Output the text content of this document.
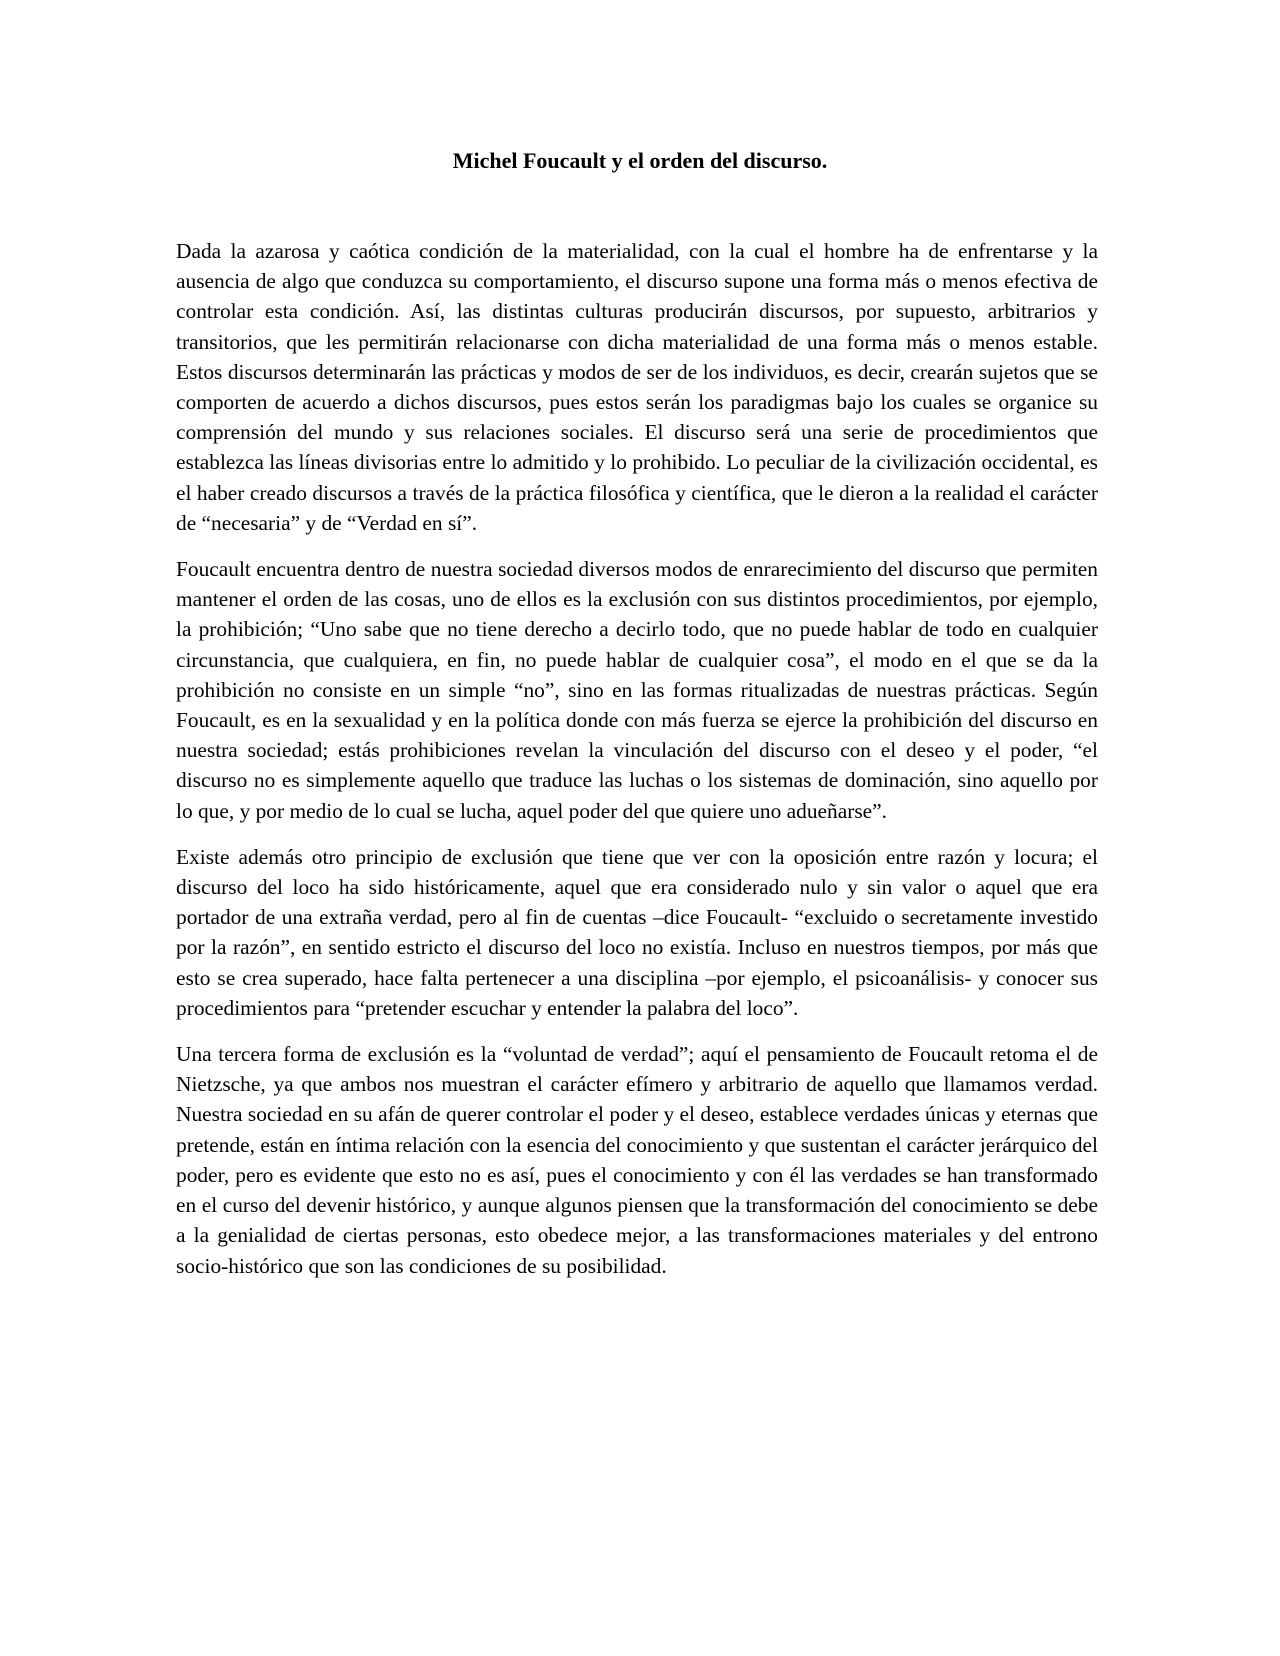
Michel Foucault y el orden del discurso.

Dada la azarosa y caótica condición de la materialidad, con la cual el hombre ha de enfrentarse y la ausencia de algo que conduzca su comportamiento, el discurso supone una forma más o menos efectiva de controlar esta condición. Así, las distintas culturas producirán discursos, por supuesto, arbitrarios y transitorios, que les permitirán relacionarse con dicha materialidad de una forma más o menos estable. Estos discursos determinarán las prácticas y modos de ser de los individuos, es decir, crearán sujetos que se comporten de acuerdo a dichos discursos, pues estos serán los paradigmas bajo los cuales se organice su comprensión del mundo y sus relaciones sociales. El discurso será una serie de procedimientos que establezca las líneas divisorias entre lo admitido y lo prohibido. Lo peculiar de la civilización occidental, es el haber creado discursos a través de la práctica filosófica y científica, que le dieron a la realidad el carácter de “necesaria” y de “Verdad en sí”.

Foucault encuentra dentro de nuestra sociedad diversos modos de enrarecimiento del discurso que permiten mantener el orden de las cosas, uno de ellos es la exclusión con sus distintos procedimientos, por ejemplo, la prohibición; “Uno sabe que no tiene derecho a decirlo todo, que no puede hablar de todo en cualquier circunstancia, que cualquiera, en fin, no puede hablar de cualquier cosa”, el modo en el que se da la prohibición no consiste en un simple “no”, sino en las formas ritualizadas de nuestras prácticas. Según Foucault, es en la sexualidad y en la política donde con más fuerza se ejerce la prohibición del discurso en nuestra sociedad; estás prohibiciones revelan la vinculación del discurso con el deseo y el poder, “el discurso no es simplemente aquello que traduce las luchas o los sistemas de dominación, sino aquello por lo que, y por medio de lo cual se lucha, aquel poder del que quiere uno adueñarse”.

Existe además otro principio de exclusión que tiene que ver con la oposición entre razón y locura; el discurso del loco ha sido históricamente, aquel que era considerado nulo y sin valor o aquel que era portador de una extraña verdad, pero al fin de cuentas –dice Foucault- “excluido o secretamente investido por la razón”, en sentido estricto el discurso del loco no existía. Incluso en nuestros tiempos, por más que esto se crea superado, hace falta pertenecer a una disciplina –por ejemplo, el psicoanálisis- y conocer sus procedimientos para “pretender escuchar y entender la palabra del loco”.

Una tercera forma de exclusión es la “voluntad de verdad”; aquí el pensamiento de Foucault retoma el de Nietzsche, ya que ambos nos muestran el carácter efímero y arbitrario de aquello que llamamos verdad. Nuestra sociedad en su afán de querer controlar el poder y el deseo, establece verdades únicas y eternas que pretende, están en íntima relación con la esencia del conocimiento y que sustentan el carácter jerárquico del poder, pero es evidente que esto no es así, pues el conocimiento y con él las verdades se han transformado en el curso del devenir histórico, y aunque algunos piensen que la transformación del conocimiento se debe a la genialidad de ciertas personas, esto obedece mejor, a las transformaciones materiales y del entrono socio-histórico que son las condiciones de su posibilidad.
